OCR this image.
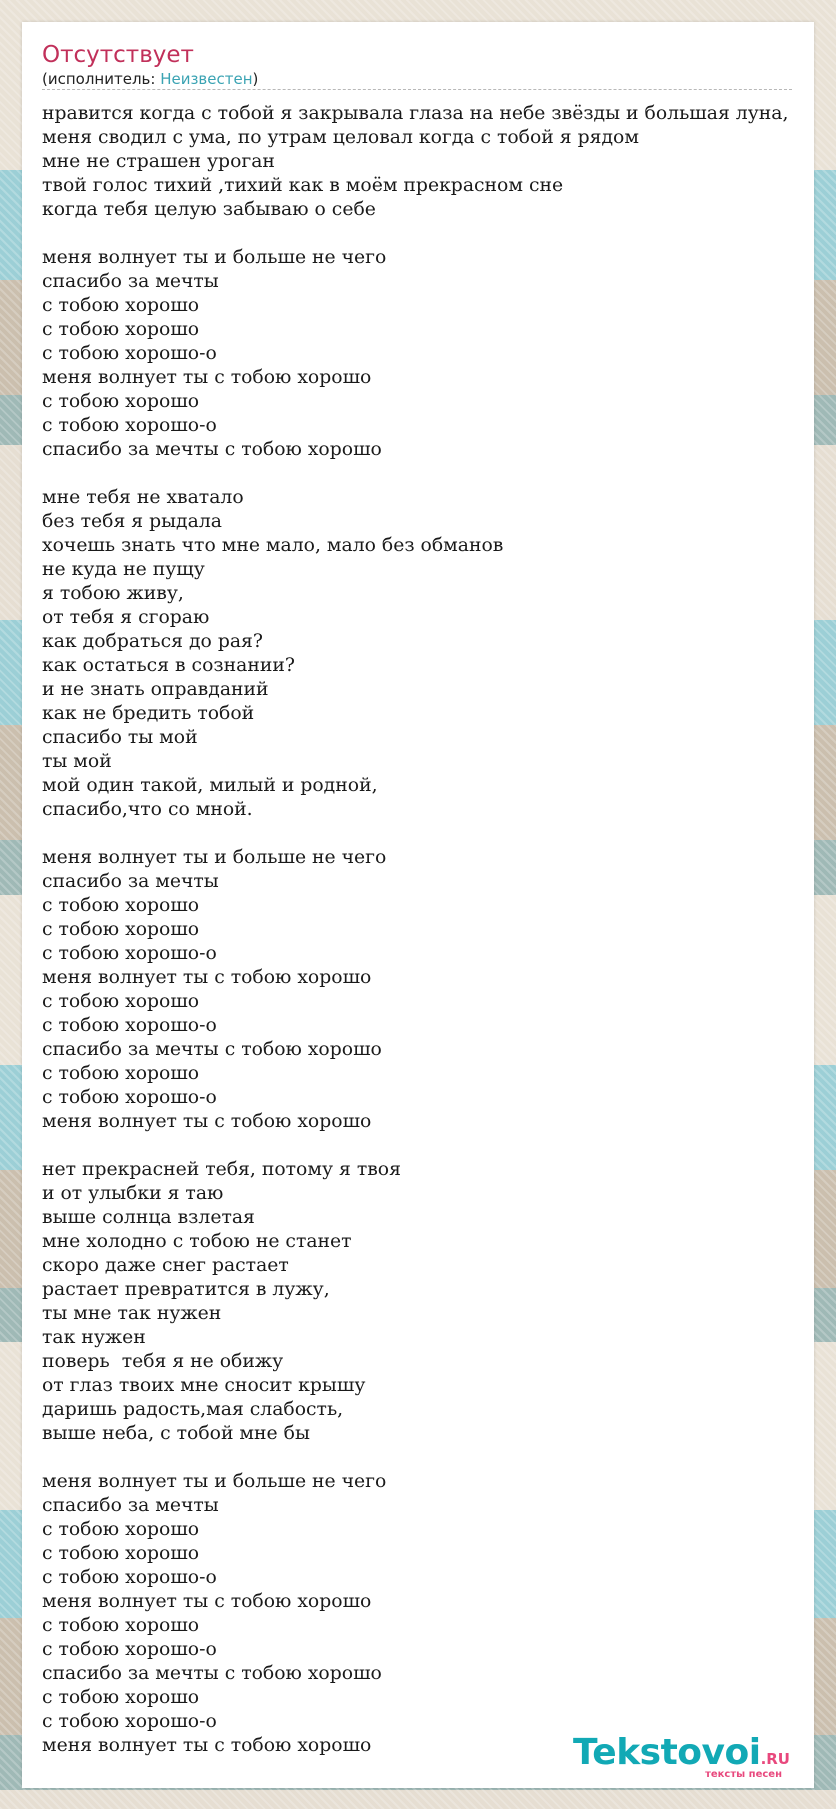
Отсутствует
(исполнитель: Неизвестен)
нравится когда с тобой я закрывала глаза на небе звёзды и большая луна,
меня сводил с ума, по утрам целовал когда с тобой я рядом
мне не страшен уроган
твой голос тихий ,тихий как в моём прекрасном сне
когда тебя целую забываю о себе
меня волнует ты и больше не чего
спасибо за мечты
с тобою хорошо
с тобою хорошо
с тобою хорошо-о
меня волнует ты с тобою хорошо
с тобою хорошо
с тобою хорошо-о
спасибо за мечты с тобою хорошо
мне тебя не хватало
без тебя я рыдала
хочешь знать что мне мало, мало без обманов
не куда не пущу
я тобою живу,
от тебя я сгораю
как добраться до рая?
как остаться в сознании?
и не знать оправданий
как не бредить тобой
спасибо ты мой
ты мой
мой один такой, милый и родной,
спасибо,что со мной.
меня волнует ты и больше не чего
спасибо за мечты
с тобою хорошо
с тобою хорошо
с тобою хорошо-о
меня волнует ты с тобою хорошо
с тобою хорошо
с тобою хорошо-о
спасибо за мечты с тобою хорошо
с тобою хорошо
с тобою хорошо-о
меня волнует ты с тобою хорошо
нет прекрасней тебя, потому я твоя
и от улыбки я таю
выше солнца взлетая
мне холодно с тобою не станет
скоро даже снег растает
растает превратится в лужу,
ты мне так нужен
так нужен
поверь  тебя я не обижу
от глаз твоих мне сносит крышу
даришь радость,мая слабость,
выше неба, с тобой мне бы
меня волнует ты и больше не чего
спасибо за мечты
с тобою хорошо
с тобою хорошо
с тобою хорошо-о
меня волнует ты с тобою хорошо
с тобою хорошо
с тобою хорошо-о
спасибо за мечты с тобою хорошо
с тобою хорошо
с тобою хорошо-о
меня волнует ты с тобою хорошо	Tekstovoi.RU
тексты песен
